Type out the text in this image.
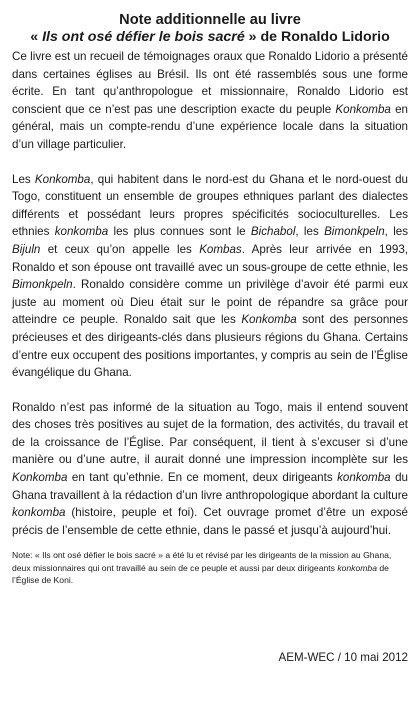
Note additionnelle au livre
« Ils ont osé défier le bois sacré » de Ronaldo Lidorio

Ce livre est un recueil de témoignages oraux que Ronaldo Lidorio a présenté dans certaines églises au Brésil. Ils ont été rassemblés sous une forme écrite. En tant qu’anthropologue et missionnaire, Ronaldo Lidorio est conscient que ce n’est pas une description exacte du peuple Konkomba en général, mais un compte-rendu d’une expérience locale dans la situation d’un village particulier.

Les Konkomba, qui habitent dans le nord-est du Ghana et le nord-ouest du Togo, constituent un ensemble de groupes ethniques parlant des dialectes différents et possédant leurs propres spécificités socioculturelles. Les ethnies konkomba les plus connues sont le Bichabol, les Bimonkpeln, les Bijuln et ceux qu’on appelle les Kombas. Après leur arrivée en 1993, Ronaldo et son épouse ont travaillé avec un sous-groupe de cette ethnie, les Bimonkpeln. Ronaldo considère comme un privilège d’avoir été parmi eux juste au moment où Dieu était sur le point de répandre sa grâce pour atteindre ce peuple. Ronaldo sait que les Konkomba sont des personnes précieuses et des dirigeants-clés dans plusieurs régions du Ghana. Certains d’entre eux occupent des positions importantes, y compris au sein de l’Église évangélique du Ghana.

Ronaldo n’est pas informé de la situation au Togo, mais il entend souvent des choses très positives au sujet de la formation, des activités, du travail et de la croissance de l’Église. Par conséquent, il tient à s’excuser si d’une manière ou d’une autre, il aurait donné une impression incomplète sur les Konkomba en tant qu’ethnie. En ce moment, deux dirigeants konkomba du Ghana travaillent à la rédaction d’un livre anthropologique abordant la culture konkomba (histoire, peuple et foi). Cet ouvrage promet d’être un exposé précis de l’ensemble de cette ethnie, dans le passé et jusqu’à aujourd’hui.

Note: « Ils ont osé défier le bois sacré » a été lu et révisé par les dirigeants de la mission au Ghana, deux missionnaires qui ont travaillé au sein de ce peuple et aussi par deux dirigeants konkomba de l’Église de Koni.

AEM-WEC / 10 mai 2012
